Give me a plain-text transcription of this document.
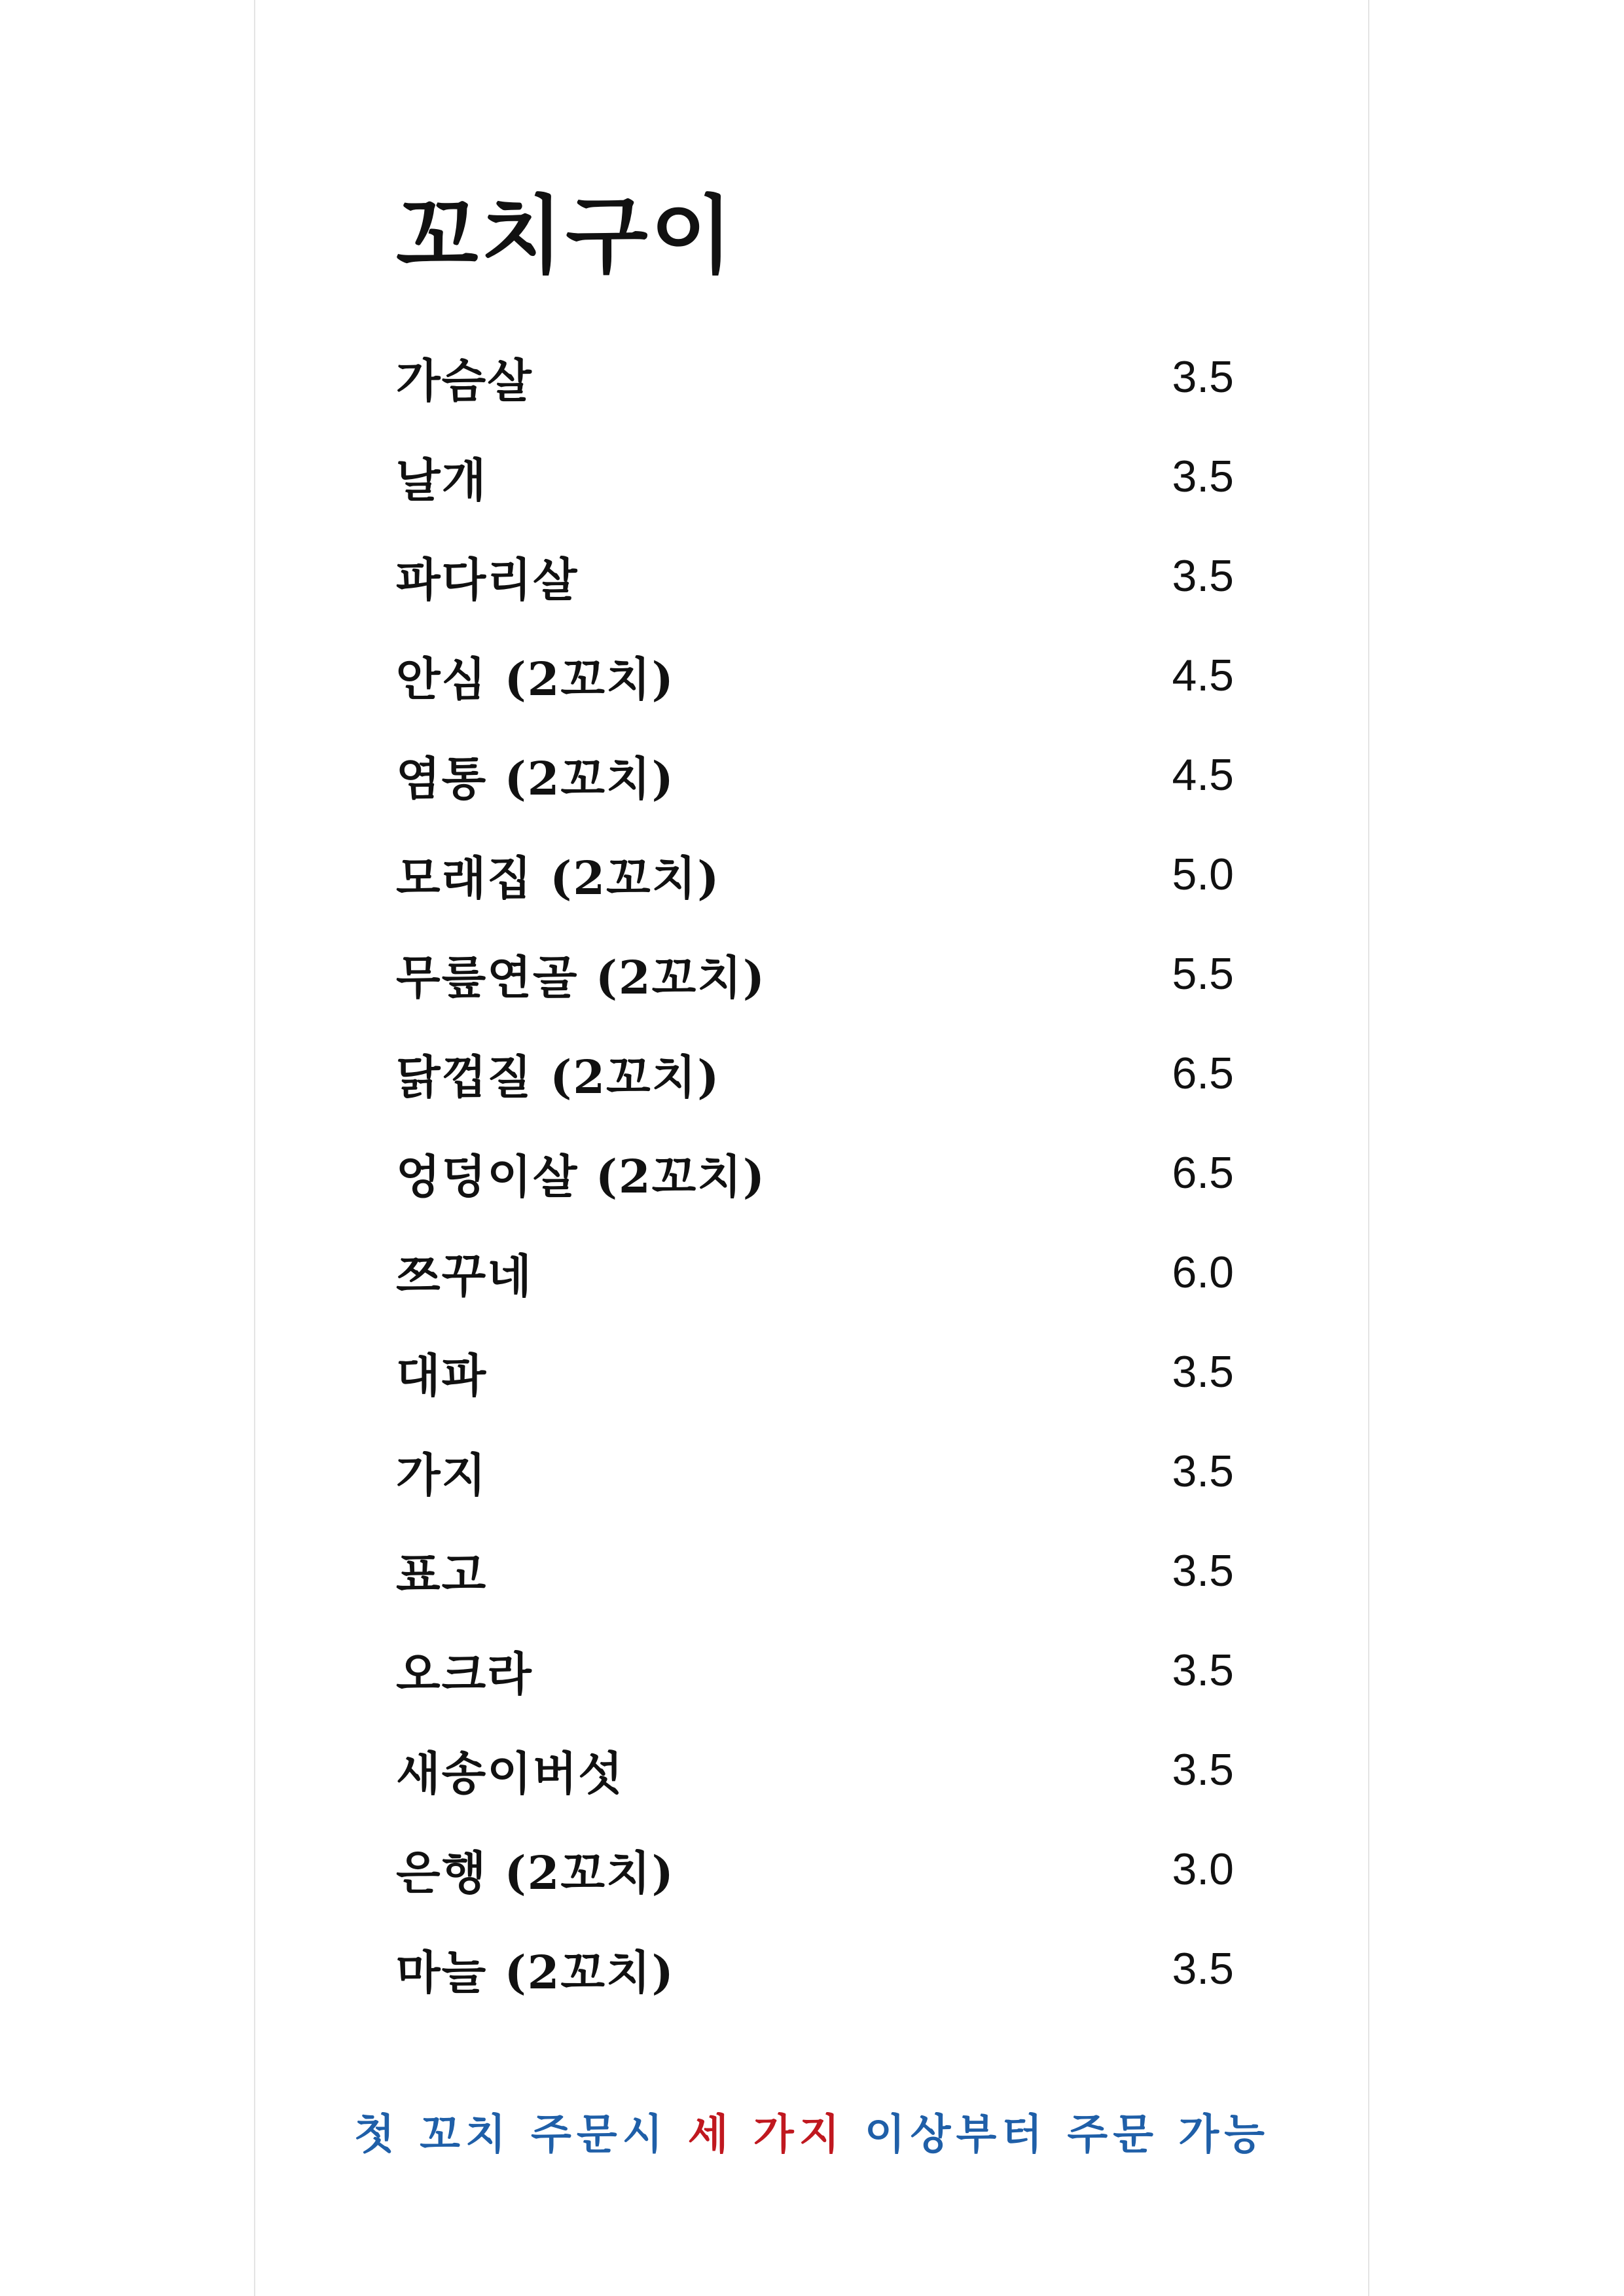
꼬치구이
가슴살	3.5
날개	3.5
파다리살	3.5
안심 (2꼬치)	4.5
염통 (2꼬치)	4.5
모래집 (2꼬치)	5.0
무릎연골 (2꼬치)	5.5
닭껍질 (2꼬치)	6.5
엉덩이살 (2꼬치)	6.5
쯔꾸네	6.0
대파	3.5
가지	3.5
표고	3.5
오크라	3.5
새송이버섯	3.5
은행 (2꼬치)	3.0
마늘 (2꼬치)	3.5
첫 꼬치 주문시 세 가지 이상부터 주문 가능
